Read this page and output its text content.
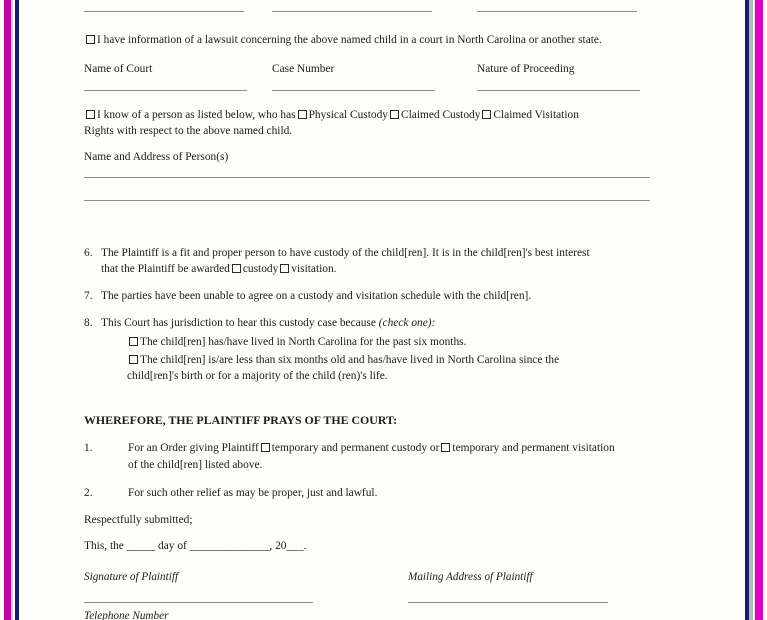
I have information of a lawsuit concerning the above named child in a court in North Carolina or another state.
Name of Court	Case Number	Nature of Proceeding
I know of a person as listed below, who has Physical Custody Claimed Custody Claimed Visitation
Rights with respect to the above named child.
Name and Address of Person(s)
6. The Plaintiff is a fit and proper person to have custody of the child[ren]. It is in the child[ren]'s best interest
that the Plaintiff be awarded custody visitation.
7. The parties have been unable to agree on a custody and visitation schedule with the child[ren].
8. This Court has jurisdiction to hear this custody case because (check one):
The child[ren] has/have lived in North Carolina for the past six months.
The child[ren] is/are less than six months old and has/have lived in North Carolina since the
child[ren]'s birth or for a majority of the child (ren)'s life.
WHEREFORE, THE PLAINTIFF PRAYS OF THE COURT:
1.	For an Order giving Plaintiff temporary and permanent custody or temporary and permanent visitation
of the child[ren] listed above.
2.	For such other relief as may be proper, just and lawful.
Respectfully submitted;
This, the _____ day of ______________, 20___.
Signature of Plaintiff	Mailing Address of Plaintiff
Telephone Number
